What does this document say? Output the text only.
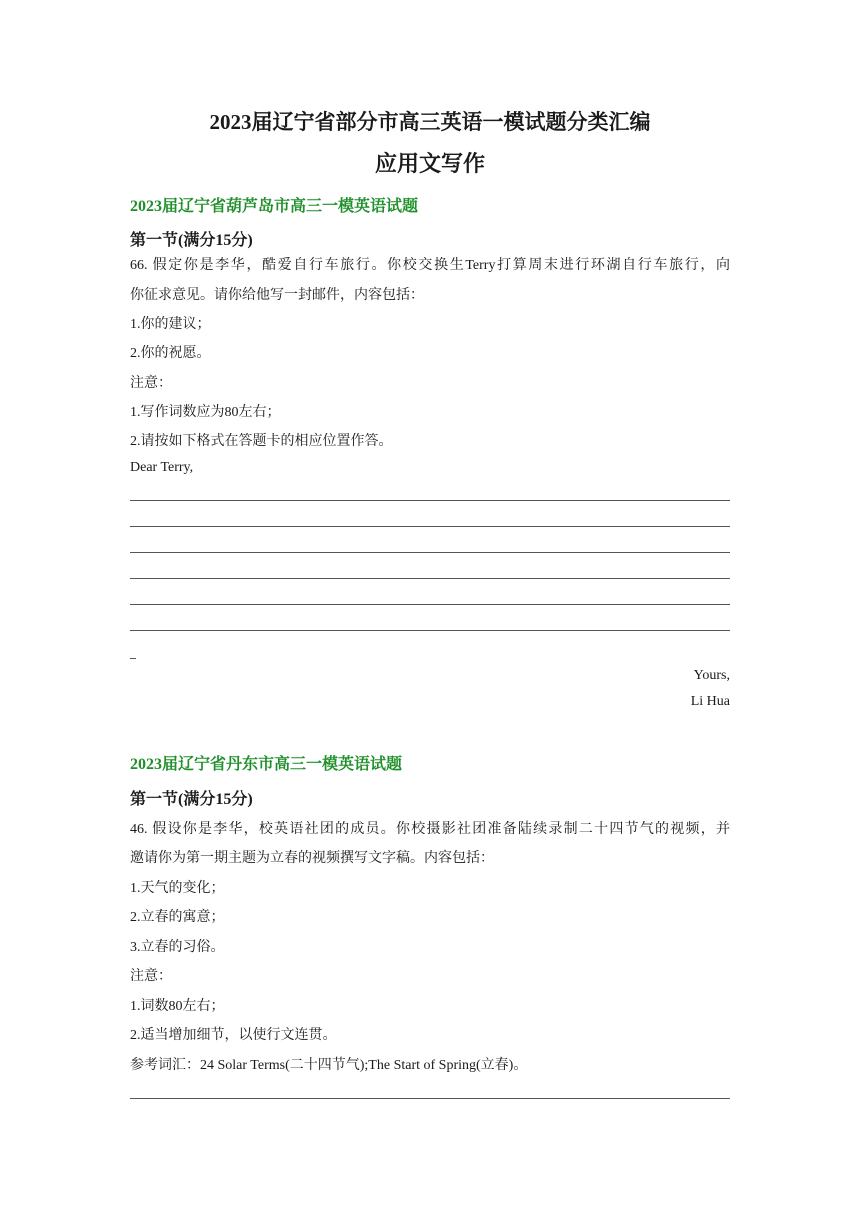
2023届辽宁省部分市高三英语一模试题分类汇编
应用文写作

2023届辽宁省葫芦岛市高三一模英语试题

第一节(满分15分)

66. 假定你是李华，酷爱自行车旅行。你校交换生Terry打算周末进行环湖自行车旅行，向

你征求意见。请你给他写一封邮件，内容包括：

1.你的建议；

2.你的祝愿。

注意：

1.写作词数应为80左右；

2.请按如下格式在答题卡的相应位置作答。

Dear Terry,

Yours,

Li Hua

2023届辽宁省丹东市高三一模英语试题

第一节(满分15分)

46. 假设你是李华，校英语社团的成员。你校摄影社团准备陆续录制二十四节气的视频，并

邀请你为第一期主题为立春的视频撰写文字稿。内容包括：

1.天气的变化；

2.立春的寓意；

3.立春的习俗。

注意：

1.词数80左右；

2.适当增加细节，以使行文连贯。

参考词汇：24 Solar Terms(二十四节气);The Start of Spring(立春)。
